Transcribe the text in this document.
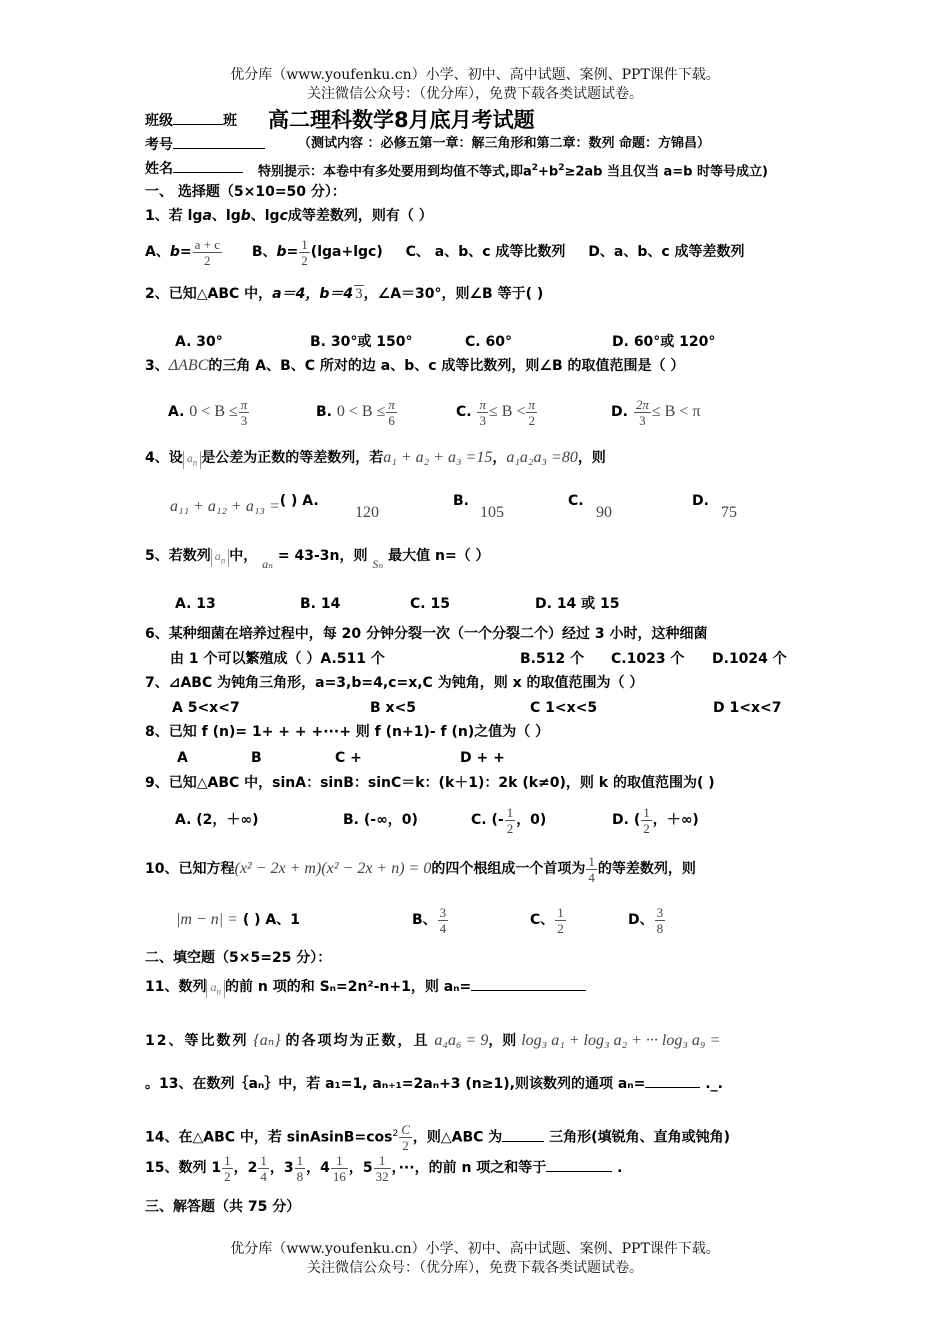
优分库（www.youfenku.cn）小学、初中、高中试题、案例、PPT课件下载。
关注微信公众号：（优分库），免费下载各类试题试卷。
班级	班 高二理科数学8月底月考试题
考号	（测试内容 ：必修五第一章：解三角形和第二章：数列 命题：方锦昌）
姓名	特别提示：本卷中有多处要用到均值不等式,即$a^2+b^2\ge 2ab$ 当且仅当 a=b 时等号成立)
一、 选择题（5×10=50 分）：
1、若 lga、lgb、lgc成等差数列，则有（ ）
A、$b= \frac{a + c}{2}$ B、$b= \frac{1}{2} (\lg a+\lg c)$ C、 a、b、c 成等比数列 D、a、b、c 成等差数列
2、已知△ABC 中，a＝4，b＝4 3，∠A＝30°，则∠B 等于( )
A. 30°	B. 30°或 150°	C. 60°	D. 60°或 120°
3、ΔABC的三角 A、B、C 所对的边 a、b、c 成等比数列，则∠B 的取值范围是（ ）
A. $0 < B \le \frac{\pi}{3}$	B. $0 < B \le \frac{\pi}{6}$	C. $\frac{\pi}{3} \le B < \frac{\pi}{2}$	D. $\frac{2\pi}{3} \le B < \pi$
4、设 $a_n$ 是公差为正数的等差数列，若a₁ + a₂ + a₃ =15，a₁a₂a₃ =80，则
a₁₁ + a₁₂ + a₁₃ =( ) A.
120
B.
105
C.
90
D.
75
5、若数列 $a_n$ 中， aₙ = 43-3n，则 Sₙ 最大值 n=（ ）
A. 13	B. 14	C. 15	D. 14 或 15
6、某种细菌在培养过程中，每 20 分钟分裂一次（一个分裂二个）经过 3 小时，这种细菌
由 1 个可以繁殖成（ ）A.511 个	B.512 个 C.1023 个 D.1024 个
7、⊿ABC 为钝角三角形，a=3,b=4,c=x,C 为钝角，则 x 的取值范围为（ ）
A 5<x<7	B x<5	C 1<x<5	D 1<x<7
8、已知 f (n)= 1+ + + +···+ 则 f (n+1)- f (n)之值为（ ）
A	B	C +	D + +
9、已知△ABC 中，sinA：sinB：sinC＝k：(k＋1)：2k (k≠0)，则 k 的取值范围为( )
A. (2，＋∞)	B. (-∞，0)	C. (- $\frac{1}{2}$ ，0)	D. ( $\frac{1}{2}$ ，＋∞)
10、已知方程(x² − 2x + m)(x² − 2x + n) = 0的四个根组成一个首项为 $\frac{1}{4}$ 的等差数列，则
|m − n| = ( ) A、1	B、 $\frac{3}{4}$	C、 $\frac{1}{2}$	D、 $\frac{3}{8}$
二、填空题（5×5=25 分）：
11、数列 $a_n$ 的前 n 项的和 Sₙ=2n²-n+1，则 aₙ=
12、等比数列 {aₙ} 的各项均为正数，且 a₄a₆ = 9，则 log₃ a₁ + log₃ a₂ + ··· log₃ a₉ =
。13、在数列｛aₙ｝中，若 a₁=1, aₙ₊₁=2aₙ+3 (n≥1),则该数列的通项 aₙ=	._.
14、在△ABC 中，若 $sinAsinB=\cos^2 \frac{C}{2}$ ，则△ABC 为	三角形(填锐角、直角或钝角)
15、数列 $1 \frac{1}{2}$ ，$2 \frac{1}{4}$ ，$3 \frac{1}{8}$ ，$4 \frac{1}{16}$ ，$5 \frac{1}{32}$ ，···，的前 n 项之和等于	.
三、解答题（共 75 分）
优分库（www.youfenku.cn）小学、初中、高中试题、案例、PPT课件下载。
关注微信公众号：（优分库），免费下载各类试题试卷。
